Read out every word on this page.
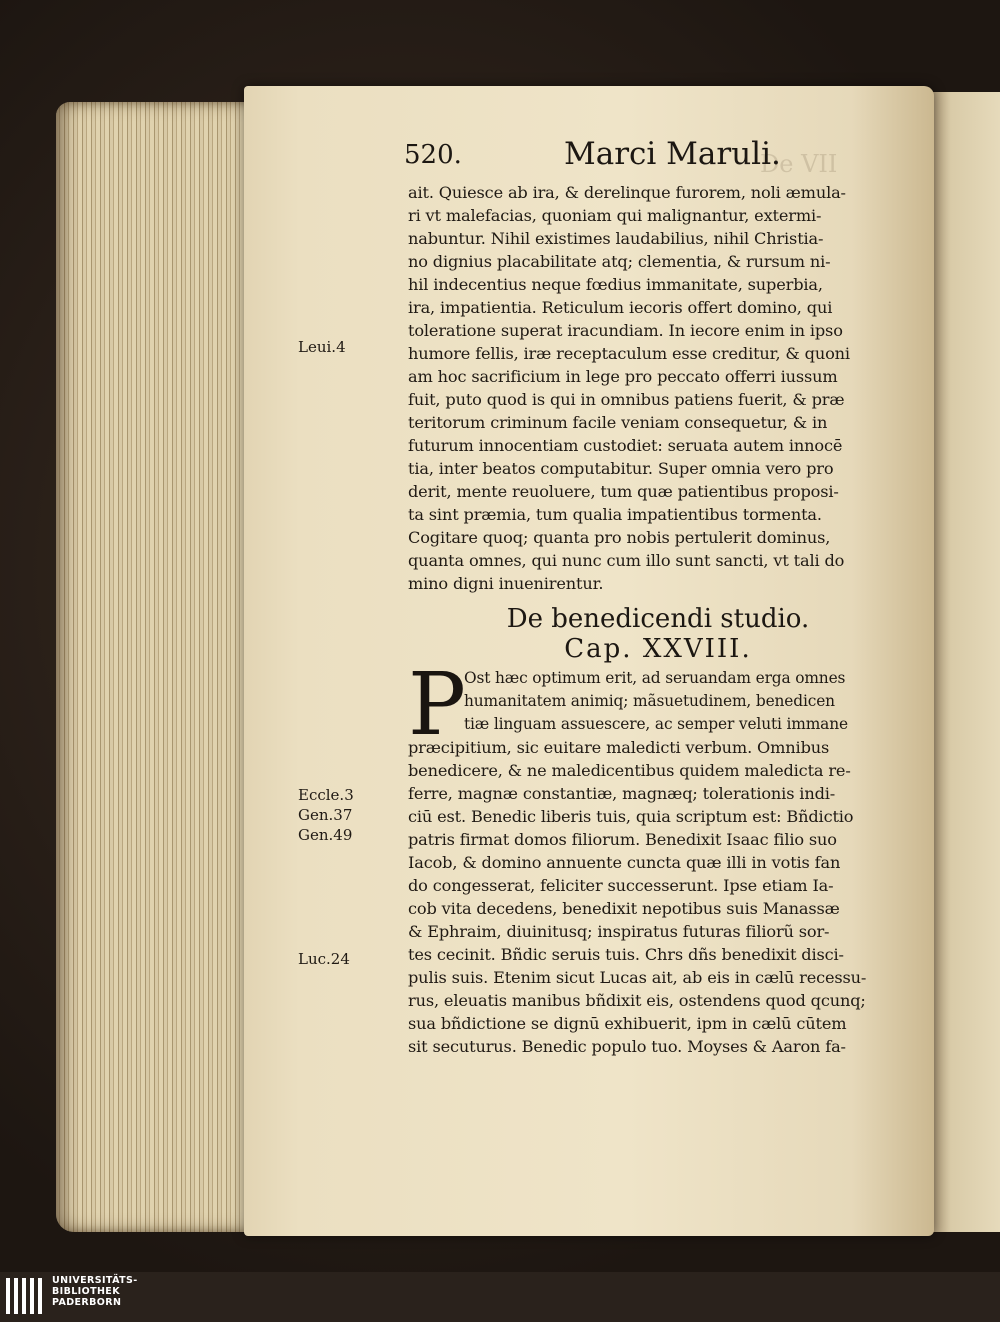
De VII
520.	Marci Maruli.
ait. Quiesce ab ira, & derelinque furorem, noli æmula-
ri vt malefacias, quoniam qui malignantur, extermi-
nabuntur. Nihil existimes laudabilius, nihil Christia-
no dignius placabilitate atq; clementia, & rursum ni-
hil indecentius neque fœdius immanitate, superbia,
ira, impatientia. Reticulum iecoris offert domino, qui
toleratione superat iracundiam. In iecore enim in ipso
humore fellis, iræ receptaculum esse creditur, & quoni
am hoc sacrificium in lege pro peccato offerri iussum
fuit, puto quod is qui in omnibus patiens fuerit, & præ
teritorum criminum facile veniam consequetur, & in
futurum innocentiam custodiet: seruata autem innocē
tia, inter beatos computabitur. Super omnia vero pro
derit, mente reuoluere, tum quæ patientibus proposi-
ta sint præmia, tum qualia impatientibus tormenta.
Cogitare quoq; quanta pro nobis pertulerit dominus,
quanta omnes, qui nunc cum illo sunt sancti, vt tali do
mino digni inuenirentur.
De benedicendi studio.
Cap. XXVIII.
P
Ost hæc optimum erit, ad seruandam erga omnes
humanitatem animiq; mãsuetudinem, benedicen
tiæ linguam assuescere, ac semper veluti immane
præcipitium, sic euitare maledicti verbum. Omnibus
benedicere, & ne maledicentibus quidem maledicta re-
ferre, magnæ constantiæ, magnæq; tolerationis indi-
ciū est. Benedic liberis tuis, quia scriptum est: Bñdictio
patris firmat domos filiorum. Benedixit Isaac filio suo
Iacob, & domino annuente cuncta quæ illi in votis fan
do congesserat, feliciter successerunt. Ipse etiam Ia-
cob vita decedens, benedixit nepotibus suis Manassæ
& Ephraim, diuinitusq; inspiratus futuras filiorũ sor-
tes cecinit. Bñdic seruis tuis. Chrs dñs benedixit disci-
pulis suis. Etenim sicut Lucas ait, ab eis in cælū recessu-
rus, eleuatis manibus bñdixit eis, ostendens quod qcunq;
sua bñdictione se dignū exhibuerit, ipm in cælū cūtem
sit secuturus. Benedic populo tuo. Moyses & Aaron fa-
Leui.4
Eccle.3
Gen.37
Gen.49
Luc.24
UNIVERSITÄTS-
BIBLIOTHEK
PADERBORN
